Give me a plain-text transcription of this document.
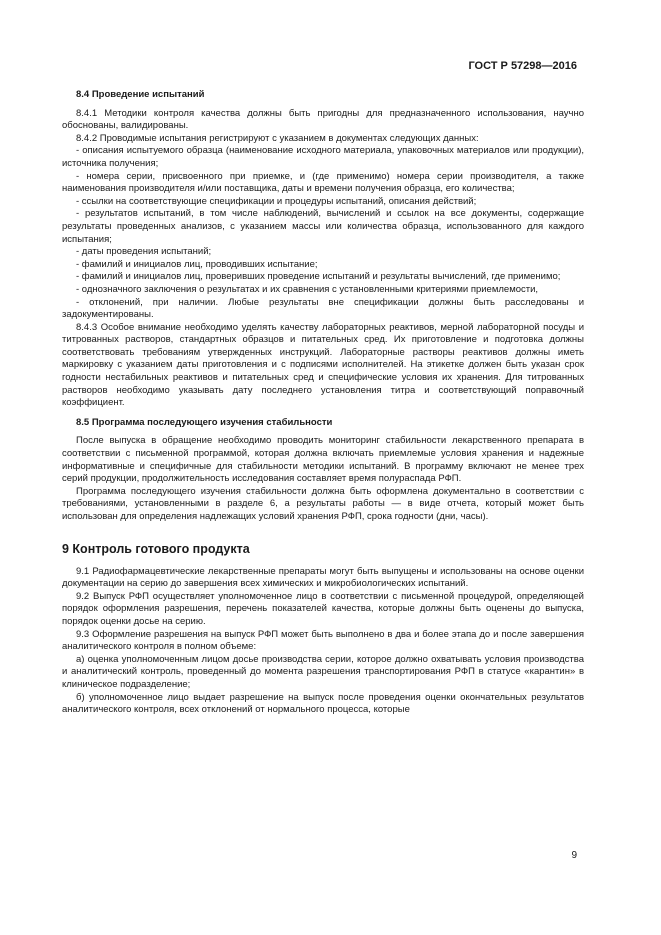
ГОСТ Р 57298—2016
8.4 Проведение испытаний

8.4.1 Методики контроля качества должны быть пригодны для предназначенного использования, научно обоснованы, валидированы.

8.4.2 Проводимые испытания регистрируют с указанием в документах следующих данных:

- описания испытуемого образца (наименование исходного материала, упаковочных материалов или продукции), источника получения;

- номера серии, присвоенного при приемке, и (где применимо) номера серии производителя, а также наименования производителя и/или поставщика, даты и времени получения образца, его количества;

- ссылки на соответствующие спецификации и процедуры испытаний, описания действий;

- результатов испытаний, в том числе наблюдений, вычислений и ссылок на все документы, содержащие результаты проведенных анализов, с указанием массы или количества образца, использованного для каждого испытания;

- даты проведения испытаний;

- фамилий и инициалов лиц, проводивших испытание;

- фамилий и инициалов лиц, проверивших проведение испытаний и результаты вычислений, где применимо;

- однозначного заключения о результатах и их сравнения с установленными критериями приемлемости,

- отклонений, при наличии. Любые результаты вне спецификации должны быть расследованы и задокументированы.

8.4.3 Особое внимание необходимо уделять качеству лабораторных реактивов, мерной лабораторной посуды и титрованных растворов, стандартных образцов и питательных сред. Их приготовление и подготовка должны соответствовать требованиям утвержденных инструкций. Лабораторные растворы реактивов должны иметь маркировку с указанием даты приготовления и с подписями исполнителей. На этикетке должен быть указан срок годности нестабильных реактивов и питательных сред и специфические условия их хранения. Для титрованных растворов необходимо указывать дату последнего установления титра и соответствующий поправочный коэффициент.

8.5 Программа последующего изучения стабильности

После выпуска в обращение необходимо проводить мониторинг стабильности лекарственного препарата в соответствии с письменной программой, которая должна включать приемлемые условия хранения и надежные информативные и специфичные для стабильности методики испытаний. В программу включают не менее трех серий продукции, продолжительность исследования составляет время полураспада РФП.

Программа последующего изучения стабильности должна быть оформлена документально в соответствии с требованиями, установленными в разделе 6, а результаты работы — в виде отчета, который может быть использован для определения надлежащих условий хранения РФП, срока годности (дни, часы).

9 Контроль готового продукта

9.1 Радиофармацевтические лекарственные препараты могут быть выпущены и использованы на основе оценки документации на серию до завершения всех химических и микробиологических испытаний.

9.2 Выпуск РФП осуществляет уполномоченное лицо в соответствии с письменной процедурой, определяющей порядок оформления разрешения, перечень показателей качества, которые должны быть оценены до выпуска, порядок оценки досье на серию.

9.3 Оформление разрешения на выпуск РФП может быть выполнено в два и более этапа до и после завершения аналитического контроля в полном объеме:

а) оценка уполномоченным лицом досье производства серии, которое должно охватывать условия производства и аналитический контроль, проведенный до момента разрешения транспортирования РФП в статусе «карантин» в клиническое подразделение;

б) уполномоченное лицо выдает разрешение на выпуск после проведения оценки окончательных результатов аналитического контроля, всех отклонений от нормального процесса, которые

9
